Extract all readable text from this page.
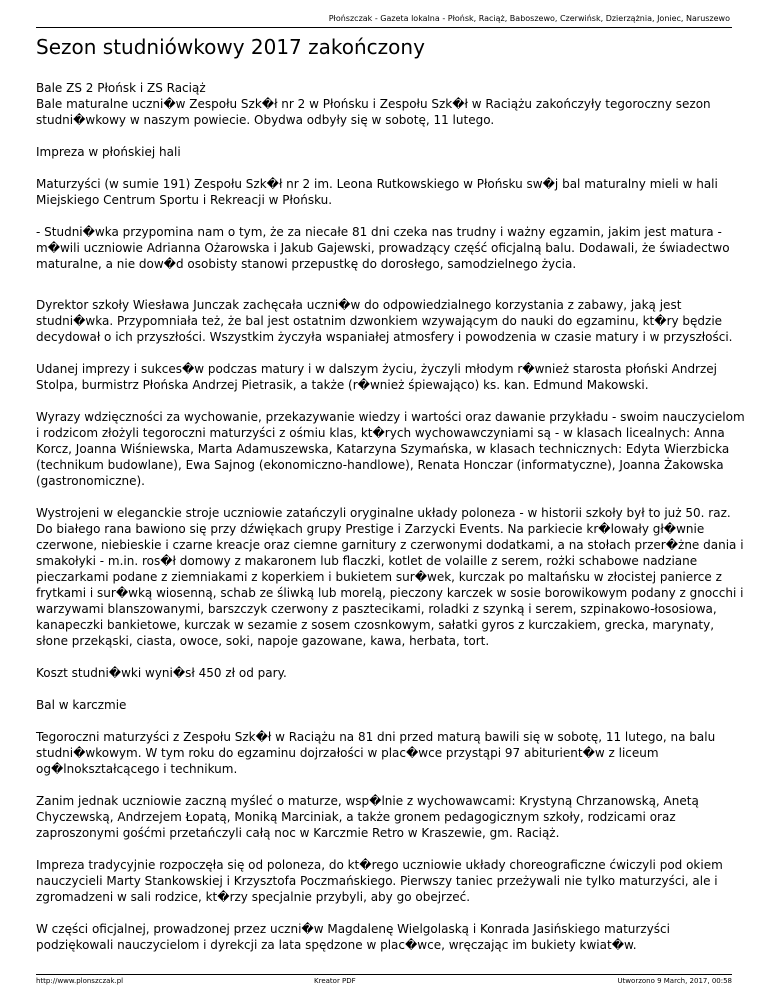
Płońszczak - Gazeta lokalna - Płońsk, Raciąż, Baboszewo, Czerwińsk, Dzierzążnia, Joniec, Naruszewo
Sezon studniówkowy 2017 zakończony

Bale ZS 2 Płońsk i ZS Raciąż

Bale maturalne uczni�w Zespołu Szk�ł nr 2 w Płońsku i Zespołu Szk�ł w Raciążu zakończyły tegoroczny sezon studni�wkowy w naszym powiecie. Obydwa odbyły się w sobotę, 11 lutego.

Impreza w płońskiej hali

Maturzyści (w sumie 191) Zespołu Szk�ł nr 2 im. Leona Rutkowskiego w Płońsku sw�j bal maturalny mieli w hali Miejskiego Centrum Sportu i Rekreacji w Płońsku.

- Studni�wka przypomina nam o tym, że za niecałe 81 dni czeka nas trudny i ważny egzamin, jakim jest matura - m�wili uczniowie Adrianna Ożarowska i Jakub Gajewski, prowadzący część oficjalną balu. Dodawali, że świadectwo maturalne, a nie dow�d osobisty stanowi przepustkę do dorosłego, samodzielnego życia.

Dyrektor szkoły Wiesława Junczak zachęcała uczni�w do odpowiedzialnego korzystania z zabawy, jaką jest studni�wka. Przypomniała też, że bal jest ostatnim dzwonkiem wzywającym do nauki do egzaminu, kt�ry będzie decydował o ich przyszłości. Wszystkim życzyła wspaniałej atmosfery i powodzenia w czasie matury i w przyszłości.

Udanej imprezy i sukces�w podczas matury i w dalszym życiu, życzyli młodym r�wnież starosta płoński Andrzej Stolpa, burmistrz Płońska Andrzej Pietrasik, a także (r�wnież śpiewająco) ks. kan. Edmund Makowski.

Wyrazy wdzięczności za wychowanie, przekazywanie wiedzy i wartości oraz dawanie przykładu - swoim nauczycielom i rodzicom złożyli tegoroczni maturzyści z ośmiu klas, kt�rych wychowawczyniami są - w klasach licealnych: Anna Korcz, Joanna Wiśniewska, Marta Adamuszewska, Katarzyna Szymańska, w klasach technicznych: Edyta Wierzbicka (technikum budowlane), Ewa Sajnog (ekonomiczno-handlowe), Renata Honczar (informatyczne), Joanna Żakowska (gastronomiczne).

Wystrojeni w eleganckie stroje uczniowie zatańczyli oryginalne układy poloneza - w historii szkoły był to już 50. raz. Do białego rana bawiono się przy dźwiękach grupy Prestige i Zarzycki Events. Na parkiecie kr�lowały gł�wnie czerwone, niebieskie i czarne kreacje oraz ciemne garnitury z czerwonymi dodatkami, a na stołach przer�żne dania i smakołyki - m.in. ros�ł domowy z makaronem lub flaczki, kotlet de volaille z serem, rożki schabowe nadziane pieczarkami podane z ziemniakami z koperkiem i bukietem sur�wek, kurczak po maltańsku w złocistej panierce z frytkami i sur�wką wiosenną, schab ze śliwką lub morelą, pieczony karczek w sosie borowikowym podany z gnocchi i warzywami blanszowanymi, barszczyk czerwony z pasztecikami, roladki z szynką i serem, szpinakowo-łososiowa, kanapeczki bankietowe, kurczak w sezamie z sosem czosnkowym, sałatki gyros z kurczakiem, grecka, marynaty, słone przekąski, ciasta, owoce, soki, napoje gazowane, kawa, herbata, tort.

Koszt studni�wki wyni�sł 450 zł od pary.

Bal w karczmie

Tegoroczni maturzyści z Zespołu Szk�ł w Raciążu na 81 dni przed maturą bawili się w sobotę, 11 lutego, na balu studni�wkowym. W tym roku do egzaminu dojrzałości w plac�wce przystąpi 97 abiturient�w z liceum og�lnokształcącego i technikum.

Zanim jednak uczniowie zaczną myśleć o maturze, wsp�lnie z wychowawcami: Krystyną Chrzanowską, Anetą Chyczewską, Andrzejem Łopatą, Moniką Marciniak, a także gronem pedagogicznym szkoły, rodzicami oraz zaproszonymi gośćmi przetańczyli całą noc w Karczmie Retro w Kraszewie, gm. Raciąż.

Impreza tradycyjnie rozpoczęła się od poloneza, do kt�rego uczniowie układy choreograficzne ćwiczyli pod okiem nauczycieli Marty Stankowskiej i Krzysztofa Poczmańskiego. Pierwszy taniec przeżywali nie tylko maturzyści, ale i zgromadzeni w sali rodzice, kt�rzy specjalnie przybyli, aby go obejrzeć.

W części oficjalnej, prowadzonej przez uczni�w Magdalenę Wielgolaską i Konrada Jasińskiego maturzyści podziękowali nauczycielom i dyrekcji za lata spędzone w plac�wce, wręczając im bukiety kwiat�w.

http://www.plonszczak.pl	Kreator PDF	Utworzono 9 March, 2017, 00:58
